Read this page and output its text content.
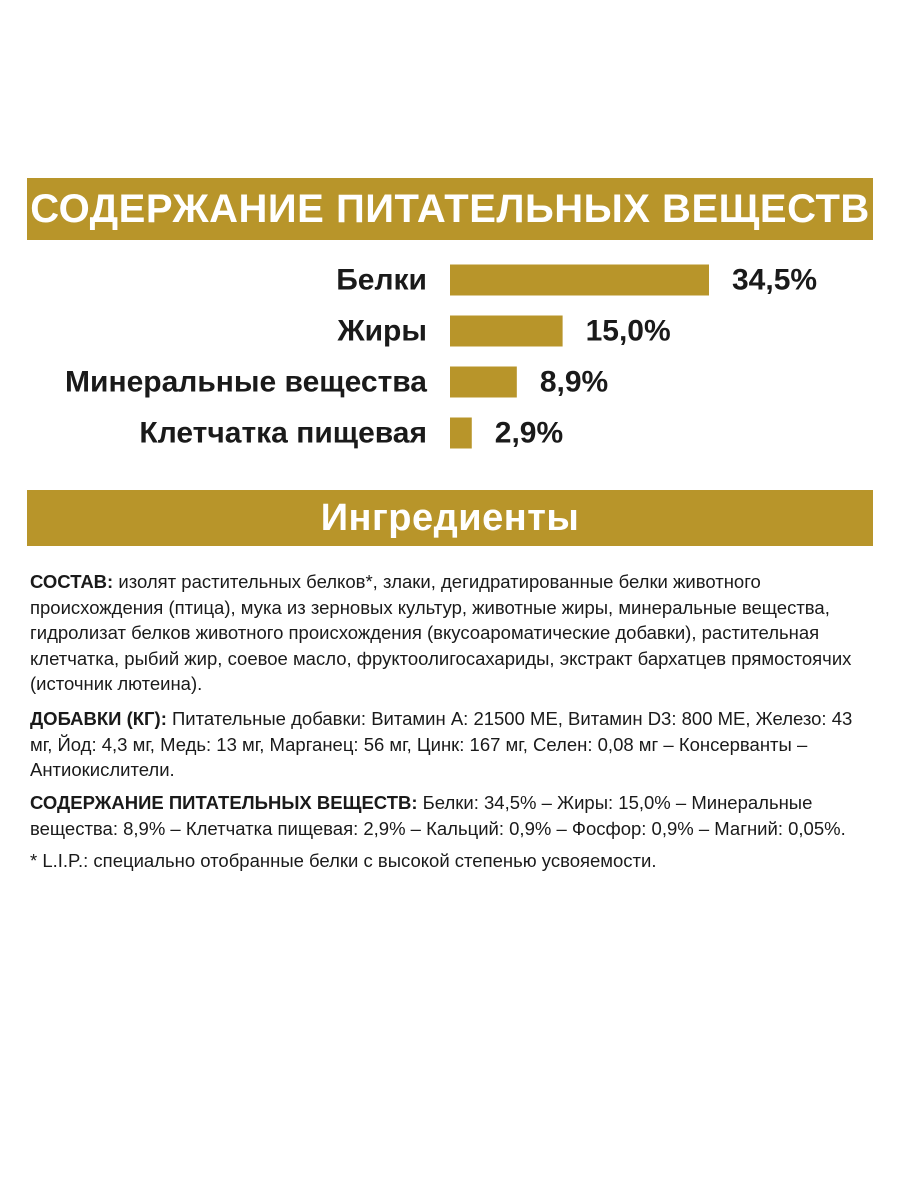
СОДЕРЖАНИЕ ПИТАТЕЛЬНЫХ ВЕЩЕСТВ
Белки	34,5%
Жиры	15,0%
Минеральные вещества	8,9%
Клетчатка пищевая 2,9%
Ингредиенты

СОСТАВ: изолят растительных белков*, злаки, дегидратированные белки животного происхождения (птица), мука из зерновых культур, животные жиры, минеральные вещества, гидролизат белков животного происхождения (вкусоароматические добавки), растительная клетчатка, рыбий жир, соевое масло, фруктоолигосахариды, экстракт бархатцев прямостоячих (источник лютеина).

ДОБАВКИ (КГ): Питательные добавки: Витамин А: 21500 МЕ, Витамин D3: 800 МЕ, Железо: 43 мг, Йод: 4,3 мг, Медь: 13 мг, Марганец: 56 мг, Цинк: 167 мг, Селен: 0,08 мг – Консерванты – Антиокислители.

СОДЕРЖАНИЕ ПИТАТЕЛЬНЫХ ВЕЩЕСТВ: Белки: 34,5% – Жиры: 15,0% – Минеральные вещества: 8,9% – Клетчатка пищевая: 2,9% – Кальций: 0,9% – Фосфор: 0,9% – Магний: 0,05%.

* L.I.P.: специально отобранные белки с высокой степенью усвояемости.
